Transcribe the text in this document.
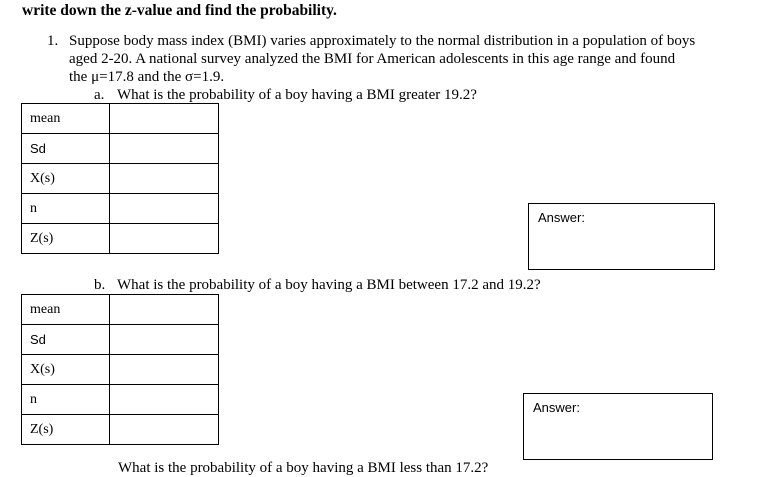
write down the z-value and find the probability.
1. Suppose body mass index (BMI) varies approximately to the normal distribution in a population of boys
aged 2-20. A national survey analyzed the BMI for American adolescents in this age range and found
the μ=17.8 and the σ=1.9.
a. What is the probability of a boy having a BMI greater 19.2?
mean	
Sd	
X(s)	
n	
Z(s)	
Answer:
b. What is the probability of a boy having a BMI between 17.2 and 19.2?
mean	
Sd	
X(s)	
n	
Z(s)	
Answer:
What is the probability of a boy having a BMI less than 17.2?
